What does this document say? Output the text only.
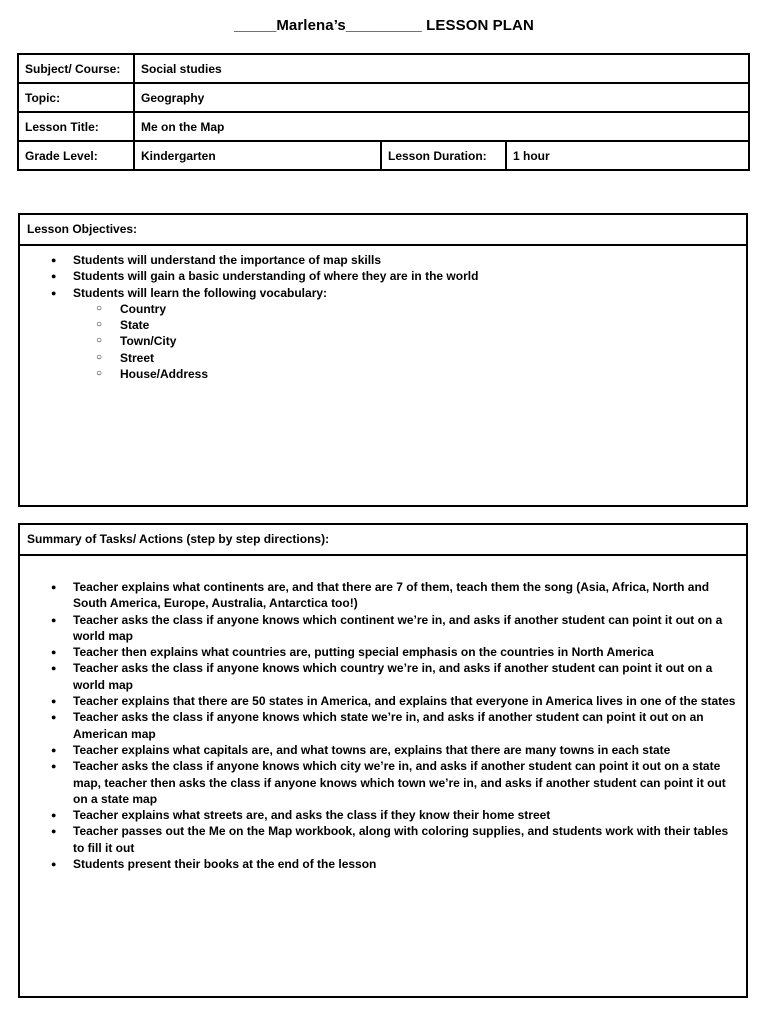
_____Marlena’s_________ LESSON PLAN
Subject/ Course:	Social studies		
Topic:	Geography		
Lesson Title:	Me on the Map		
Grade Level:	Kindergarten	Lesson Duration:	1 hour
Lesson Objectives:
● Students will understand the importance of map skills
● Students will gain a basic understanding of where they are in the world
● Students will learn the following vocabulary:
○ Country
○ State
○ Town/City
○ Street
○ House/Address
Summary of Tasks/ Actions (step by step directions):
● Teacher explains what continents are, and that there are 7 of them, teach them the song (Asia, Africa, North and South America, Europe, Australia, Antarctica too!)
● Teacher asks the class if anyone knows which continent we’re in, and asks if another student can point it out on a world map
● Teacher then explains what countries are, putting special emphasis on the countries in North America
● Teacher asks the class if anyone knows which country we’re in, and asks if another student can point it out on a world map
● Teacher explains that there are 50 states in America, and explains that everyone in America lives in one of the states
● Teacher asks the class if anyone knows which state we’re in, and asks if another student can point it out on an American map
● Teacher explains what capitals are, and what towns are, explains that there are many towns in each state
● Teacher asks the class if anyone knows which city we’re in, and asks if another student can point it out on a state map, teacher then asks the class if anyone knows which town we’re in, and asks if another student can point it out on a state map
● Teacher explains what streets are, and asks the class if they know their home street
● Teacher passes out the Me on the Map workbook, along with coloring supplies, and students work with their tables to fill it out
● Students present their books at the end of the lesson
